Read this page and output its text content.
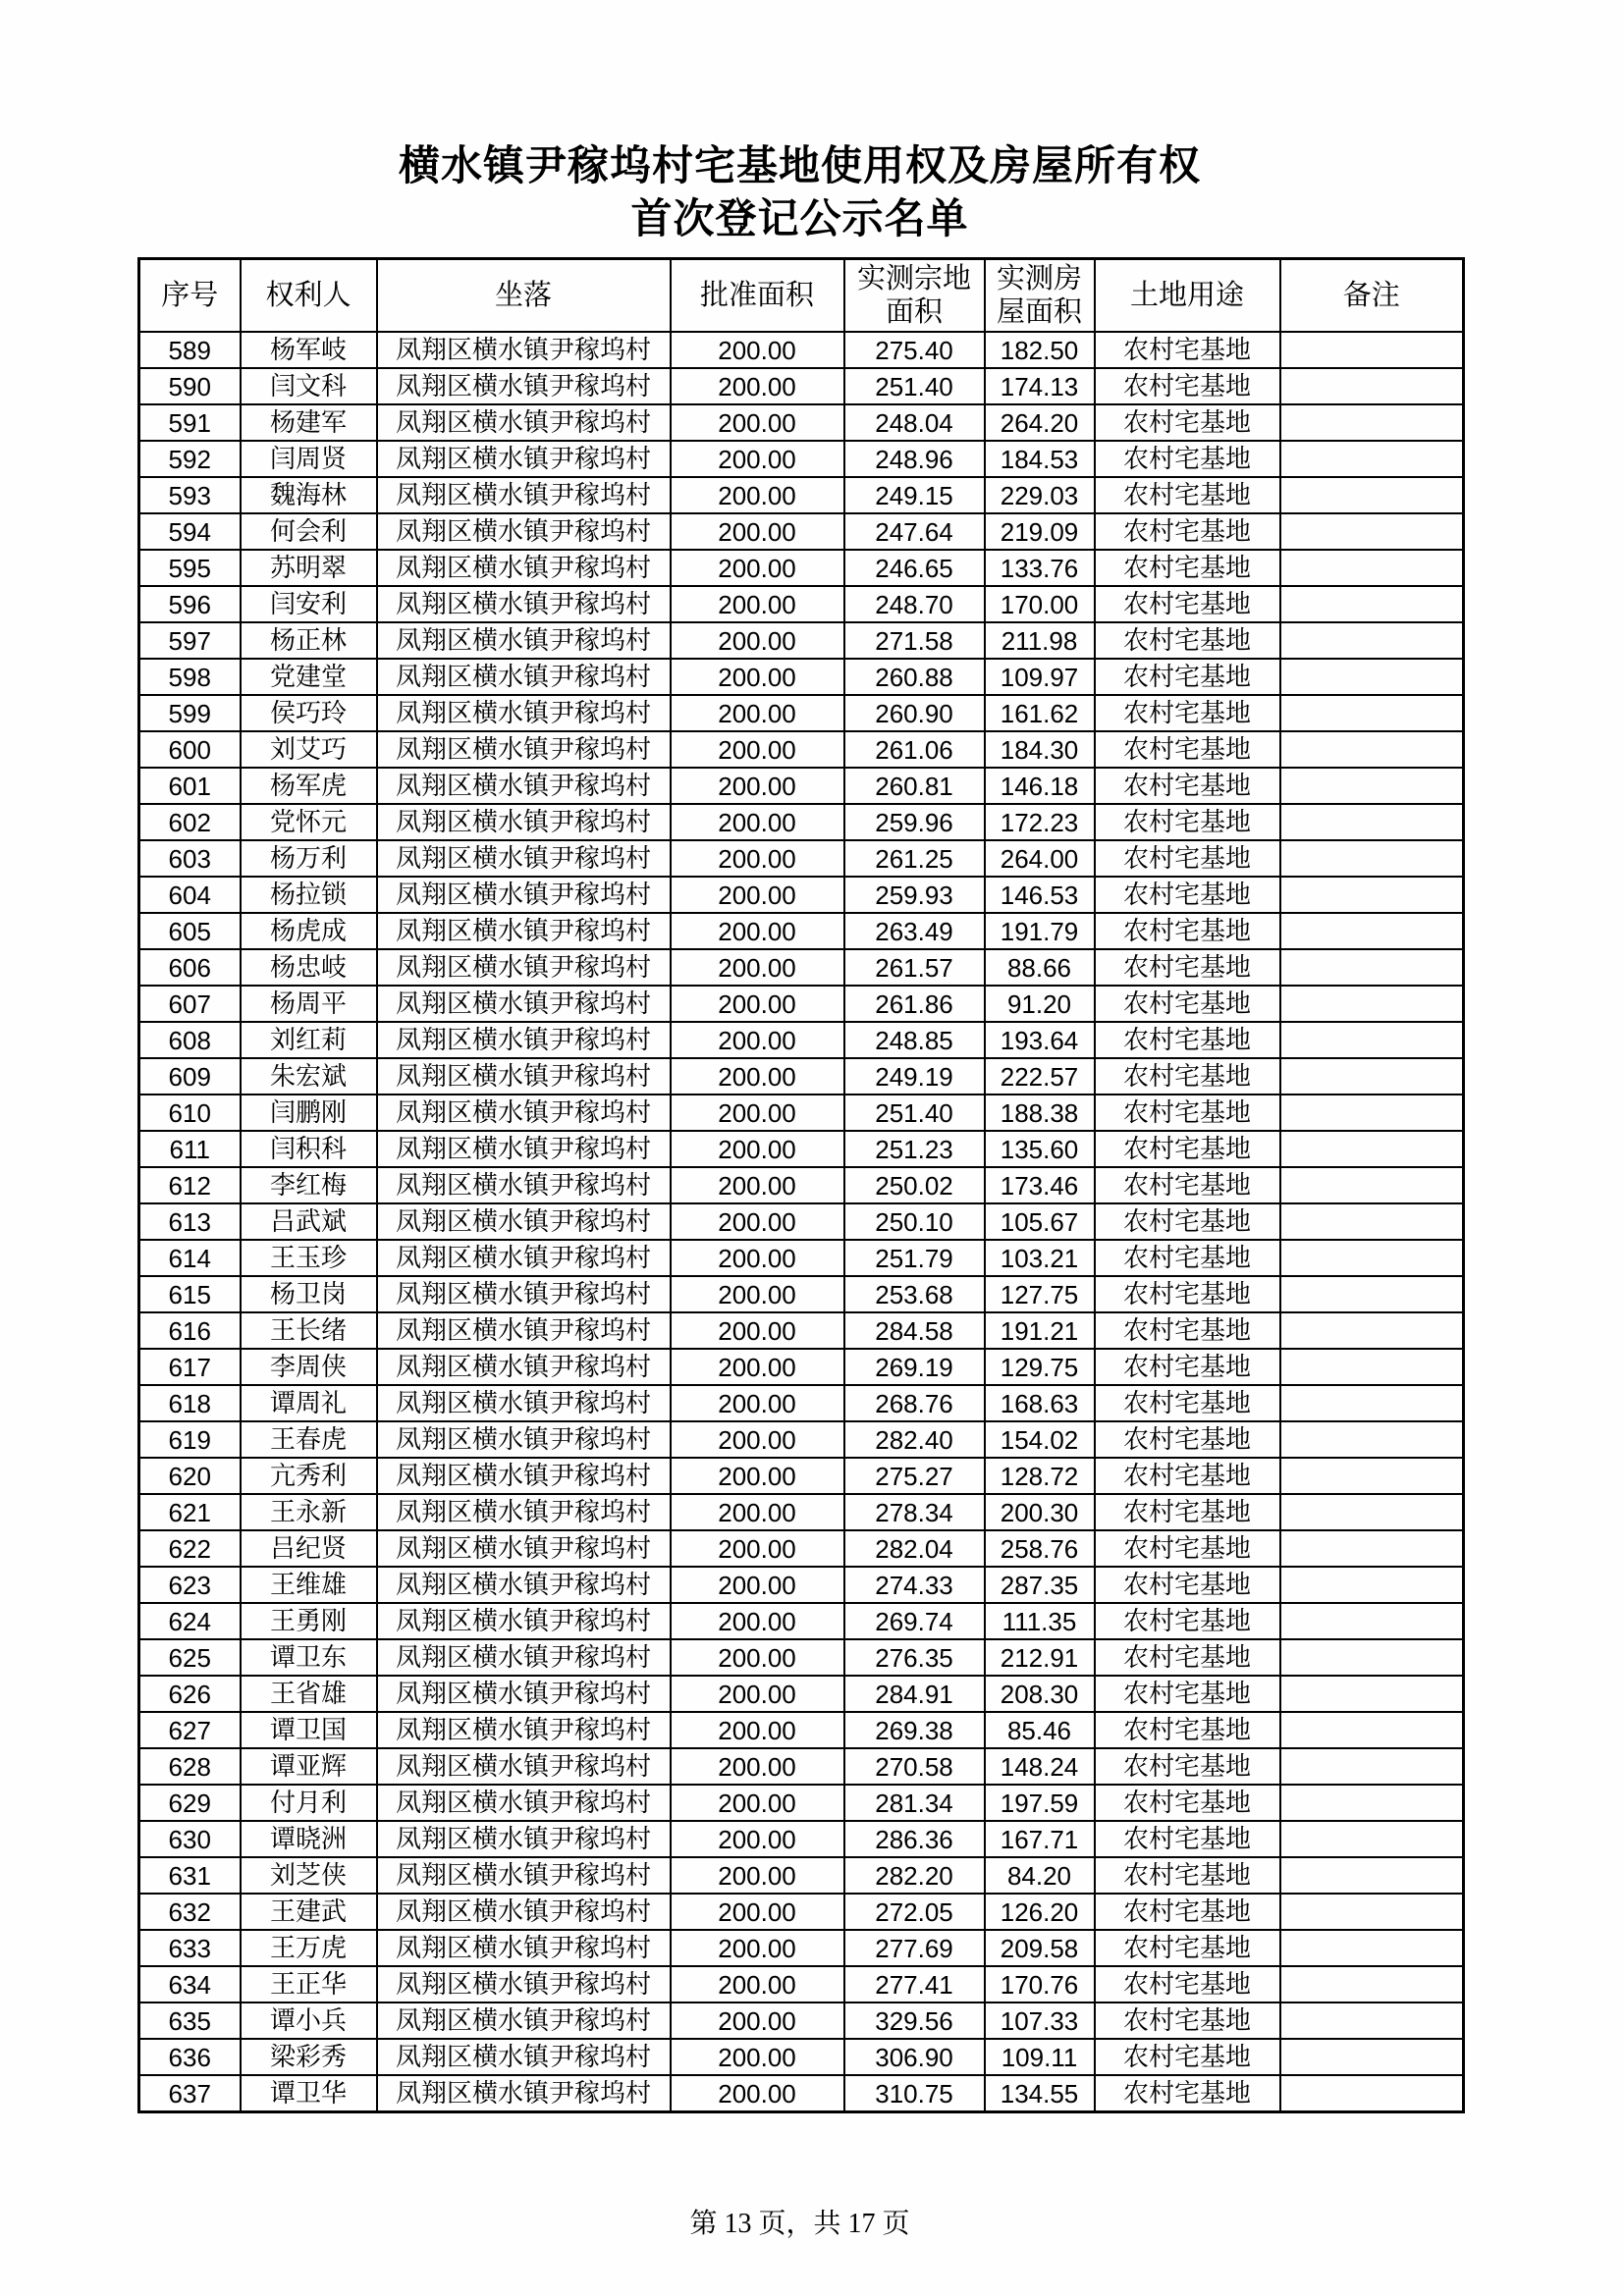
横水镇尹稼坞村宅基地使用权及房屋所有权
首次登记公示名单
序号	权利人	坐落	批准面积	实测宗地面积	实测房屋面积	土地用途	备注
589	杨军岐	凤翔区横水镇尹稼坞村	200.00	275.40	182.50	农村宅基地	
590	闫文科	凤翔区横水镇尹稼坞村	200.00	251.40	174.13	农村宅基地	
591	杨建军	凤翔区横水镇尹稼坞村	200.00	248.04	264.20	农村宅基地	
592	闫周贤	凤翔区横水镇尹稼坞村	200.00	248.96	184.53	农村宅基地	
593	魏海林	凤翔区横水镇尹稼坞村	200.00	249.15	229.03	农村宅基地	
594	何会利	凤翔区横水镇尹稼坞村	200.00	247.64	219.09	农村宅基地	
595	苏明翠	凤翔区横水镇尹稼坞村	200.00	246.65	133.76	农村宅基地	
596	闫安利	凤翔区横水镇尹稼坞村	200.00	248.70	170.00	农村宅基地	
597	杨正林	凤翔区横水镇尹稼坞村	200.00	271.58	211.98	农村宅基地	
598	党建堂	凤翔区横水镇尹稼坞村	200.00	260.88	109.97	农村宅基地	
599	侯巧玲	凤翔区横水镇尹稼坞村	200.00	260.90	161.62	农村宅基地	
600	刘艾巧	凤翔区横水镇尹稼坞村	200.00	261.06	184.30	农村宅基地	
601	杨军虎	凤翔区横水镇尹稼坞村	200.00	260.81	146.18	农村宅基地	
602	党怀元	凤翔区横水镇尹稼坞村	200.00	259.96	172.23	农村宅基地	
603	杨万利	凤翔区横水镇尹稼坞村	200.00	261.25	264.00	农村宅基地	
604	杨拉锁	凤翔区横水镇尹稼坞村	200.00	259.93	146.53	农村宅基地	
605	杨虎成	凤翔区横水镇尹稼坞村	200.00	263.49	191.79	农村宅基地	
606	杨忠岐	凤翔区横水镇尹稼坞村	200.00	261.57	88.66	农村宅基地	
607	杨周平	凤翔区横水镇尹稼坞村	200.00	261.86	91.20	农村宅基地	
608	刘红莉	凤翔区横水镇尹稼坞村	200.00	248.85	193.64	农村宅基地	
609	朱宏斌	凤翔区横水镇尹稼坞村	200.00	249.19	222.57	农村宅基地	
610	闫鹏刚	凤翔区横水镇尹稼坞村	200.00	251.40	188.38	农村宅基地	
611	闫积科	凤翔区横水镇尹稼坞村	200.00	251.23	135.60	农村宅基地	
612	李红梅	凤翔区横水镇尹稼坞村	200.00	250.02	173.46	农村宅基地	
613	吕武斌	凤翔区横水镇尹稼坞村	200.00	250.10	105.67	农村宅基地	
614	王玉珍	凤翔区横水镇尹稼坞村	200.00	251.79	103.21	农村宅基地	
615	杨卫岗	凤翔区横水镇尹稼坞村	200.00	253.68	127.75	农村宅基地	
616	王长绪	凤翔区横水镇尹稼坞村	200.00	284.58	191.21	农村宅基地	
617	李周侠	凤翔区横水镇尹稼坞村	200.00	269.19	129.75	农村宅基地	
618	谭周礼	凤翔区横水镇尹稼坞村	200.00	268.76	168.63	农村宅基地	
619	王春虎	凤翔区横水镇尹稼坞村	200.00	282.40	154.02	农村宅基地	
620	亢秀利	凤翔区横水镇尹稼坞村	200.00	275.27	128.72	农村宅基地	
621	王永新	凤翔区横水镇尹稼坞村	200.00	278.34	200.30	农村宅基地	
622	吕纪贤	凤翔区横水镇尹稼坞村	200.00	282.04	258.76	农村宅基地	
623	王维雄	凤翔区横水镇尹稼坞村	200.00	274.33	287.35	农村宅基地	
624	王勇刚	凤翔区横水镇尹稼坞村	200.00	269.74	111.35	农村宅基地	
625	谭卫东	凤翔区横水镇尹稼坞村	200.00	276.35	212.91	农村宅基地	
626	王省雄	凤翔区横水镇尹稼坞村	200.00	284.91	208.30	农村宅基地	
627	谭卫国	凤翔区横水镇尹稼坞村	200.00	269.38	85.46	农村宅基地	
628	谭亚辉	凤翔区横水镇尹稼坞村	200.00	270.58	148.24	农村宅基地	
629	付月利	凤翔区横水镇尹稼坞村	200.00	281.34	197.59	农村宅基地	
630	谭晓洲	凤翔区横水镇尹稼坞村	200.00	286.36	167.71	农村宅基地	
631	刘芝侠	凤翔区横水镇尹稼坞村	200.00	282.20	84.20	农村宅基地	
632	王建武	凤翔区横水镇尹稼坞村	200.00	272.05	126.20	农村宅基地	
633	王万虎	凤翔区横水镇尹稼坞村	200.00	277.69	209.58	农村宅基地	
634	王正华	凤翔区横水镇尹稼坞村	200.00	277.41	170.76	农村宅基地	
635	谭小兵	凤翔区横水镇尹稼坞村	200.00	329.56	107.33	农村宅基地	
636	梁彩秀	凤翔区横水镇尹稼坞村	200.00	306.90	109.11	农村宅基地	
637	谭卫华	凤翔区横水镇尹稼坞村	200.00	310.75	134.55	农村宅基地	
第 13 页，共 17 页
